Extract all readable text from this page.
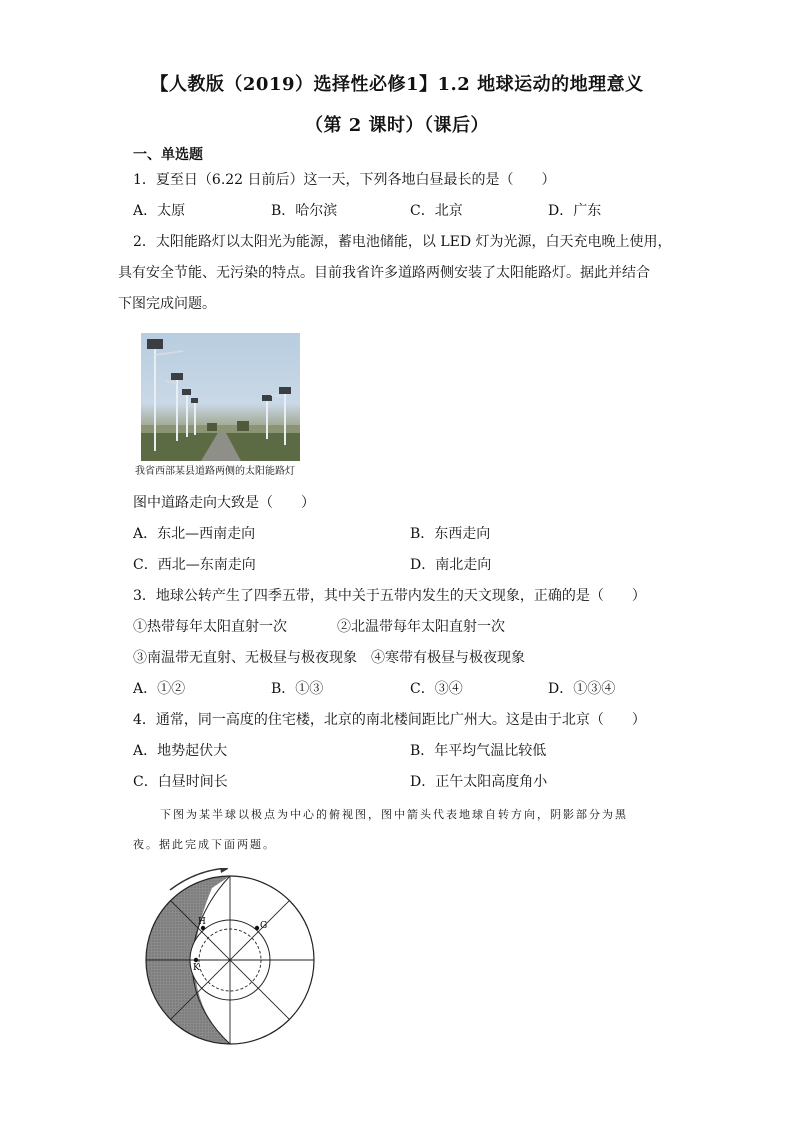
【人教版（2019）选择性必修1】1.2 地球运动的地理意义
（第 2 课时）（课后）
一、单选题
1．夏至日（6.22 日前后）这一天，下列各地白昼最长的是（　　）
A．太原	B．哈尔滨	C．北京	D．广东
2．太阳能路灯以太阳光为能源，蓄电池储能，以 LED 灯为光源，白天充电晚上使用，
具有安全节能、无污染的特点。目前我省许多道路两侧安装了太阳能路灯。据此并结合
下图完成问题。
我省西部某县道路两侧的太阳能路灯
图中道路走向大致是（　　）
A．东北—西南走向	B．东西走向
C．西北—东南走向	D．南北走向
3．地球公转产生了四季五带，其中关于五带内发生的天文现象，正确的是（　　）
①热带每年太阳直射一次	②北温带每年太阳直射一次
③南温带无直射、无极昼与极夜现象 ④寒带有极昼与极夜现象
A．①②	B．①③	C．③④	D．①③④
4．通常，同一高度的住宅楼，北京的南北楼间距比广州大。这是由于北京（　　）
A．地势起伏大	B．年平均气温比较低
C．白昼时间长	D．正午太阳高度角小
下图为某半球以极点为中心的俯视图，图中箭头代表地球自转方向，阴影部分为黑
夜。据此完成下面两题。
H	G
K
